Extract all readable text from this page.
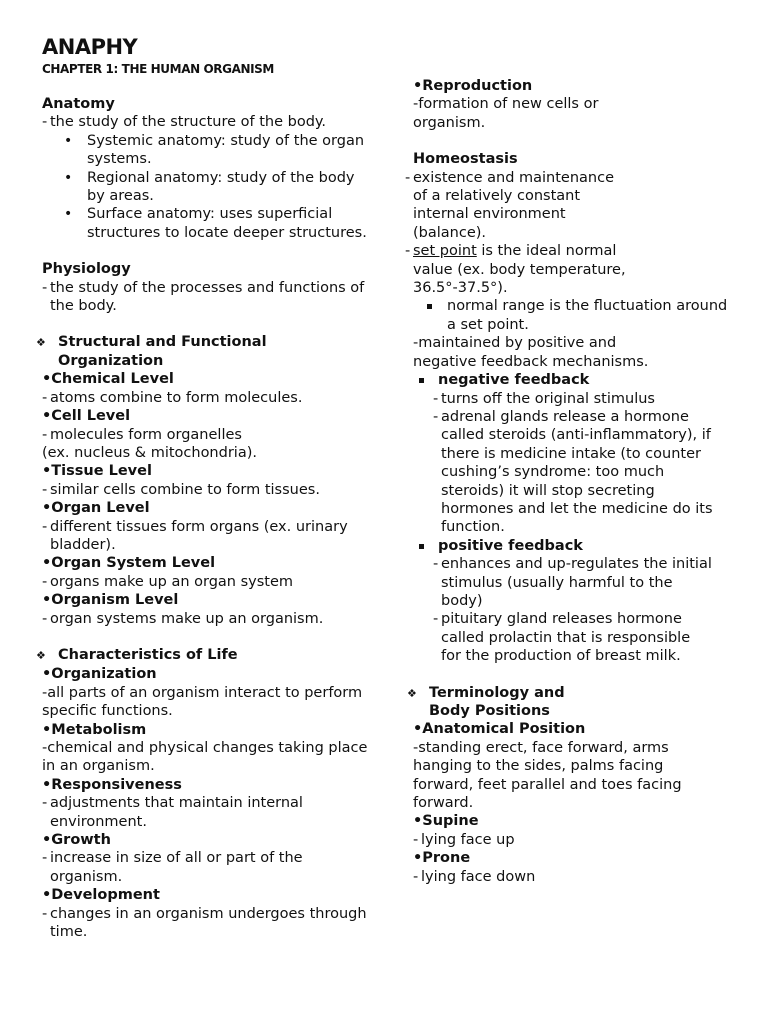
ANAPHY
CHAPTER 1: THE HUMAN ORGANISM
Anatomy
- the study of the structure of the body.
• Systemic anatomy: study of the organ systems.
• Regional anatomy: study of the body by areas.
• Surface anatomy: uses superficial structures to locate deeper structures.
Physiology
- the study of the processes and functions of the body.
❖ Structural and Functional Organization
•Chemical Level
- atoms combine to form molecules.
•Cell Level
- molecules form organelles
(ex. nucleus & mitochondria).
•Tissue Level
- similar cells combine to form tissues.
•Organ Level
- different tissues form organs (ex. urinary bladder).
•Organ System Level
- organs make up an organ system
•Organism Level
- organ systems make up an organism.
❖ Characteristics of Life
•Organization
-all parts of an organism interact to perform specific functions.
•Metabolism
-chemical and physical changes taking place in an organism.
•Responsiveness
- adjustments that maintain internal environment.
•Growth
- increase in size of all or part of the organism.
•Development
- changes in an organism undergoes through time.
•Reproduction
-formation of new cells or organism.
Homeostasis
- existence and maintenance of a relatively constant internal environment (balance).
- set point is the ideal normal value (ex. body temperature, 36.5°-37.5°).
normal range is the fluctuation around a set point.
-maintained by positive and negative feedback mechanisms.
negative feedback
- turns off the original stimulus
- adrenal glands release a hormone called steroids (anti-inflammatory), if there is medicine intake (to counter cushing’s syndrome: too much steroids) it will stop secreting hormones and let the medicine do its function.
positive feedback
- enhances and up-regulates the initial stimulus (usually harmful to the body)
- pituitary gland releases hormone called prolactin that is responsible for the production of breast milk.
❖ Terminology and Body Positions
•Anatomical Position
-standing erect, face forward, arms hanging to the sides, palms facing forward, feet parallel and toes facing forward.
•Supine
- lying face up
•Prone
- lying face down
